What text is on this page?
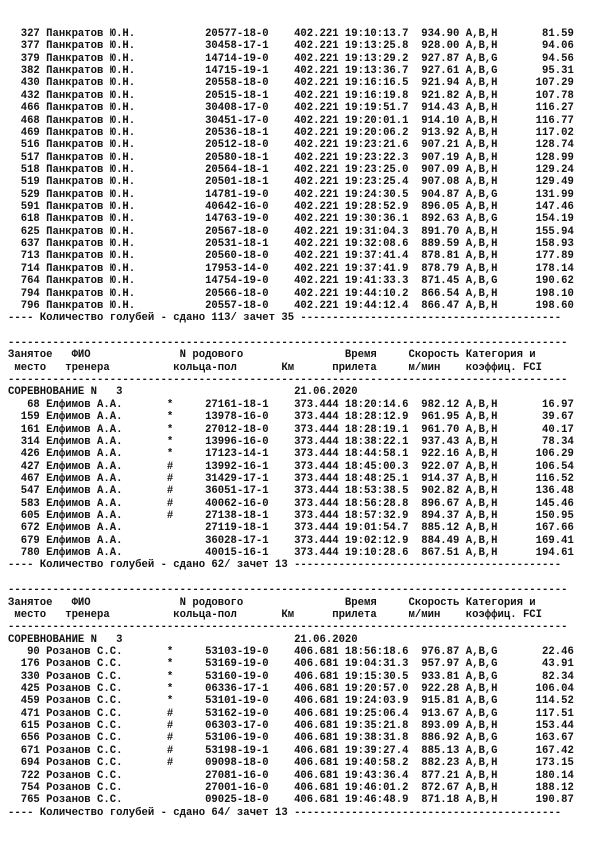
327 Панкратов Ю.Н.           20577-18-0    402.221 19:10:13.7  934.90 A,B,H       81.59
377 Панкратов Ю.Н.           30458-17-1    402.221 19:13:25.8  928.00 A,B,H       94.06
379 Панкратов Ю.Н.           14714-19-0    402.221 19:13:29.2  927.87 A,B,G       94.56
382 Панкратов Ю.Н.           14715-19-1    402.221 19:13:36.7  927.61 A,B,G       95.31
430 Панкратов Ю.Н.           20558-18-0    402.221 19:16:16.5  921.94 A,B,H      107.29
432 Панкратов Ю.Н.           20515-18-1    402.221 19:16:19.8  921.82 A,B,H      107.78
466 Панкратов Ю.Н.           30408-17-0    402.221 19:19:51.7  914.43 A,B,H      116.27
468 Панкратов Ю.Н.           30451-17-0    402.221 19:20:01.1  914.10 A,B,H      116.77
469 Панкратов Ю.Н.           20536-18-1    402.221 19:20:06.2  913.92 A,B,H      117.02
516 Панкратов Ю.Н.           20512-18-0    402.221 19:23:21.6  907.21 A,B,H      128.74
517 Панкратов Ю.Н.           20580-18-1    402.221 19:23:22.3  907.19 A,B,H      128.99
518 Панкратов Ю.Н.           20564-18-1    402.221 19:23:25.0  907.09 A,B,H      129.24
519 Панкратов Ю.Н.           20501-18-1    402.221 19:23:25.4  907.08 A,B,H      129.49
529 Панкратов Ю.Н.           14781-19-0    402.221 19:24:30.5  904.87 A,B,G      131.99
591 Панкратов Ю.Н.           40642-16-0    402.221 19:28:52.9  896.05 A,B,H      147.46
618 Панкратов Ю.Н.           14763-19-0    402.221 19:30:36.1  892.63 A,B,G      154.19
625 Панкратов Ю.Н.           20567-18-0    402.221 19:31:04.3  891.70 A,B,H      155.94
637 Панкратов Ю.Н.           20531-18-1    402.221 19:32:08.6  889.59 A,B,H      158.93
713 Панкратов Ю.Н.           20560-18-0    402.221 19:37:41.4  878.81 A,B,H      177.89
714 Панкратов Ю.Н.           17953-14-0    402.221 19:37:41.9  878.79 A,B,H      178.14
764 Панкратов Ю.Н.           14754-19-0    402.221 19:41:33.3  871.45 A,B,G      190.62
794 Панкратов Ю.Н.           20566-18-0    402.221 19:44:10.2  866.54 A,B,H      198.10
796 Панкратов Ю.Н.           20557-18-0    402.221 19:44:12.4  866.47 A,B,H      198.60
---- Количество голубей - сдано 113/ зачет 35 -----------------------------------------
----------------------------------------------------------------------------------------
Занятое   ФИО              N родового                Время     Скорость Категория и
место   тренера          кольца-пол       Км      прилета     м/мин    коэффиц. FCI
----------------------------------------------------------------------------------------
СОРЕВНОВАНИЕ N   3                           21.06.2020
68 Елфимов А.А.       *     27161-18-1    373.444 18:20:14.6  982.12 A,B,H       16.97
159 Елфимов А.А.       *     13978-16-0    373.444 18:28:12.9  961.95 A,B,H       39.67
161 Елфимов А.А.       *     27012-18-0    373.444 18:28:19.1  961.70 A,B,H       40.17
314 Елфимов А.А.       *     13996-16-0    373.444 18:38:22.1  937.43 A,B,H       78.34
426 Елфимов А.А.       *     17123-14-1    373.444 18:44:58.1  922.16 A,B,H      106.29
427 Елфимов А.А.       #     13992-16-1    373.444 18:45:00.3  922.07 A,B,H      106.54
467 Елфимов А.А.       #     31429-17-1    373.444 18:48:25.1  914.37 A,B,H      116.52
547 Елфимов А.А.       #     36051-17-1    373.444 18:53:38.5  902.82 A,B,H      136.48
583 Елфимов А.А.       #     40062-16-0    373.444 18:56:28.8  896.67 A,B,H      145.46
605 Елфимов А.А.       #     27138-18-1    373.444 18:57:32.9  894.37 A,B,H      150.95
672 Елфимов А.А.             27119-18-1    373.444 19:01:54.7  885.12 A,B,H      167.66
679 Елфимов А.А.             36028-17-1    373.444 19:02:12.9  884.49 A,B,H      169.41
780 Елфимов А.А.             40015-16-1    373.444 19:10:28.6  867.51 A,B,H      194.61
---- Количество голубей - сдано 62/ зачет 13 ------------------------------------------
----------------------------------------------------------------------------------------
Занятое   ФИО              N родового                Время     Скорость Категория и
место   тренера          кольца-пол       Км      прилета     м/мин    коэффиц. FCI
----------------------------------------------------------------------------------------
СОРЕВНОВАНИЕ N   3                           21.06.2020
90 Розанов С.С.       *     53103-19-0    406.681 18:56:18.6  976.87 A,B,G       22.46
176 Розанов С.С.       *     53169-19-0    406.681 19:04:31.3  957.97 A,B,G       43.91
330 Розанов С.С.       *     53160-19-0    406.681 19:15:30.5  933.81 A,B,G       82.34
425 Розанов С.С.       *     06336-17-1    406.681 19:20:57.0  922.28 A,B,H      106.04
459 Розанов С.С.       *     53101-19-0    406.681 19:24:03.9  915.81 A,B,G      114.52
471 Розанов С.С.       #     53162-19-0    406.681 19:25:06.4  913.67 A,B,G      117.51
615 Розанов С.С.       #     06303-17-0    406.681 19:35:21.8  893.09 A,B,H      153.44
656 Розанов С.С.       #     53106-19-0    406.681 19:38:31.8  886.92 A,B,G      163.67
671 Розанов С.С.       #     53198-19-1    406.681 19:39:27.4  885.13 A,B,G      167.42
694 Розанов С.С.       #     09098-18-0    406.681 19:40:58.2  882.23 A,B,H      173.15
722 Розанов С.С.             27081-16-0    406.681 19:43:36.4  877.21 A,B,H      180.14
754 Розанов С.С.             27001-16-0    406.681 19:46:01.2  872.67 A,B,H      188.12
765 Розанов С.С.             09025-18-0    406.681 19:46:48.9  871.18 A,B,H      190.87
---- Количество голубей - сдано 64/ зачет 13 ------------------------------------------
